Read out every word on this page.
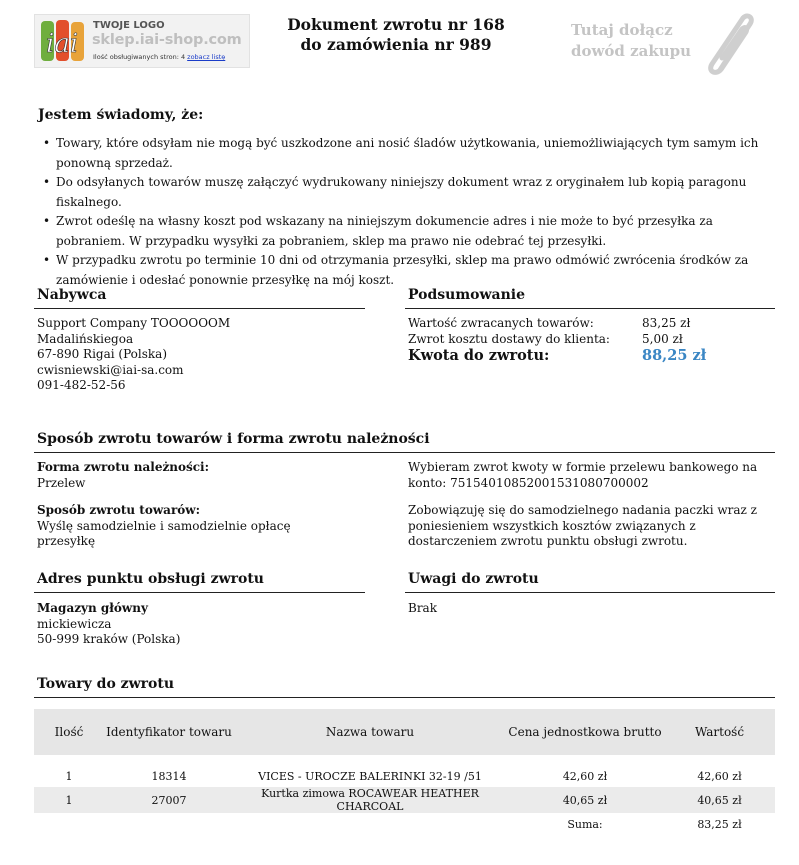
iai
TWOJE LOGO
sklep.iai-shop.com
Ilość obsługiwanych stron: 4 zobacz listę
Dokument zwrotu nr 168
do zamówienia nr 989
Tutaj dołącz
dowód zakupu
Jestem świadomy, że:
• Towary, które odsyłam nie mogą być uszkodzone ani nosić śladów użytkowania, uniemożliwiających tym samym ich ponowną sprzedaż.
• Do odsyłanych towarów muszę załączyć wydrukowany niniejszy dokument wraz z oryginałem lub kopią paragonu fiskalnego.
• Zwrot odeślę na własny koszt pod wskazany na niniejszym dokumencie adres i nie może to być przesyłka za pobraniem. W przypadku wysyłki za pobraniem, sklep ma prawo nie odebrać tej przesyłki.
• W przypadku zwrotu po terminie 10 dni od otrzymania przesyłki, sklep ma prawo odmówić zwrócenia środków za zamówienie i odesłać ponownie przesyłkę na mój koszt.
Nabywca
Support Company TOOOOOOM
Madalińskiegoa
67-890 Rigai (Polska)
cwisniewski@iai-sa.com
091-482-52-56
Podsumowanie
Wartość zwracanych towarów:	83,25 zł
Zwrot kosztu dostawy do klienta:	5,00 zł
Kwota do zwrotu:	88,25 zł
Sposób zwrotu towarów i forma zwrotu należności
Forma zwrotu należności:
Przelew
Sposób zwrotu towarów:
Wyślę samodzielnie i samodzielnie opłacę przesyłkę
Wybieram zwrot kwoty w formie przelewu bankowego na konto: 75154010852001531080700002
Zobowiązuję się do samodzielnego nadania paczki wraz z poniesieniem wszystkich kosztów związanych z dostarczeniem zwrotu punktu obsługi zwrotu.
Adres punktu obsługi zwrotu
Magazyn główny
mickiewicza
50-999 kraków (Polska)
Uwagi do zwrotu
Brak
Towary do zwrotu
Ilość	Identyfikator towaru	Nazwa towaru	Cena jednostkowa brutto	Wartość

1	18314	VICES - UROCZE BALERINKI 32-19 /51	42,60 zł	42,60 zł
1	27007	Kurtka zimowa ROCAWEAR HEATHER CHARCOAL	40,65 zł	40,65 zł
			Suma:	83,25 zł
